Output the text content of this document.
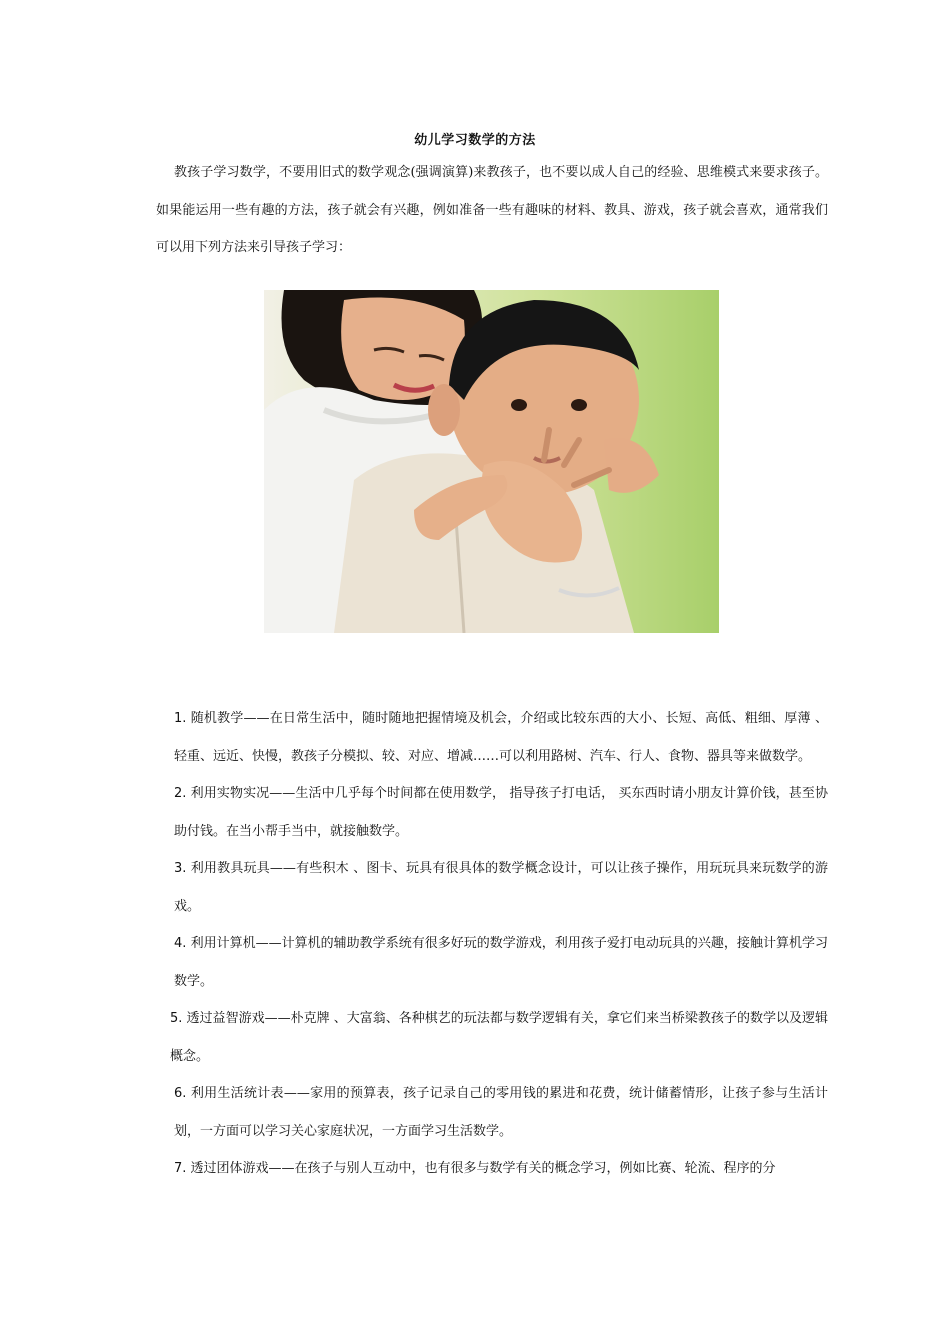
幼儿学习数学的方法

教孩子学习数学，不要用旧式的数学观念(强调演算)来教孩子，也不要以成人自己的经验、思维模式来要求孩子。如果能运用一些有趣的方法，孩子就会有兴趣，例如准备一些有趣味的材料、教具、游戏，孩子就会喜欢，通常我们可以用下列方法来引导孩子学习：

1. 随机教学——在日常生活中，随时随地把握情境及机会，介绍或比较东西的大小、长短、高低、粗细、厚薄 、轻重、远近、快慢，教孩子分模拟、较、对应、增减……可以利用路树、汽车、行人、食物、器具等来做数学。

2. 利用实物实况——生活中几乎每个时间都在使用数学， 指导孩子打电话， 买东西时请小朋友计算价钱，甚至协助付钱。在当小帮手当中，就接触数学。

3. 利用教具玩具——有些积木 、图卡、玩具有很具体的数学概念设计，可以让孩子操作，用玩玩具来玩数学的游戏。

4. 利用计算机——计算机的辅助教学系统有很多好玩的数学游戏，利用孩子爱打电动玩具的兴趣，接触计算机学习数学。

5. 透过益智游戏——朴克牌 、大富翁、各种棋艺的玩法都与数学逻辑有关，拿它们来当桥梁教孩子的数学以及逻辑概念。

6. 利用生活统计表——家用的预算表，孩子记录自己的零用钱的累进和花费，统计储蓄情形，让孩子参与生活计划，一方面可以学习关心家庭状况，一方面学习生活数学。

7. 透过团体游戏——在孩子与别人互动中，也有很多与数学有关的概念学习，例如比赛、轮流、程序的分
